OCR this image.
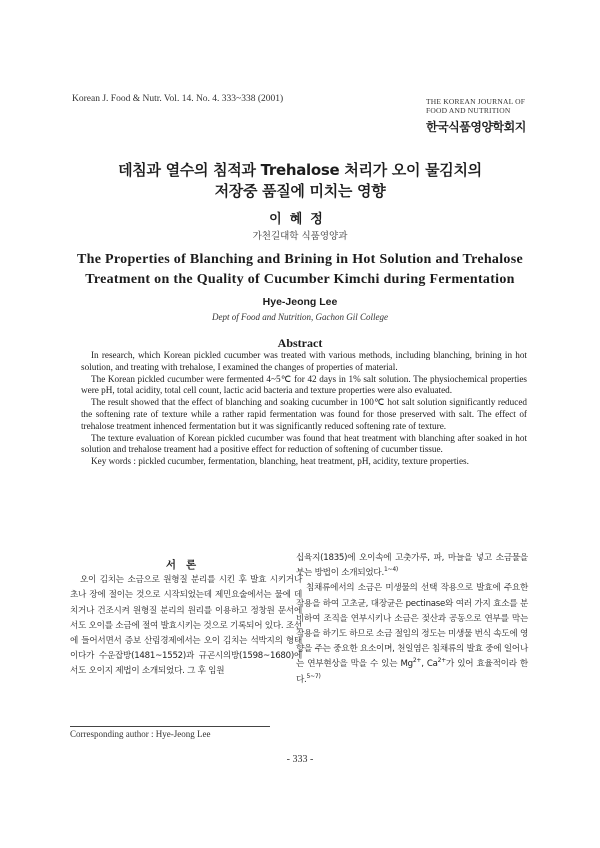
Korean J. Food & Nutr. Vol. 14. No. 4. 333~338 (2001)	THE KOREAN JOURNAL OF
FOOD AND NUTRITION
한국식품영양학회지
데침과 열수의 침적과 Trehalose 처리가 오이 물김치의
저장중 품질에 미치는 영향
이혜정
가천길대학 식품영양과
The Properties of Blanching and Brining in Hot Solution and Trehalose
Treatment on the Quality of Cucumber Kimchi during Fermentation
Hye-Jeong Lee
Dept of Food and Nutrition, Gachon Gil College
Abstract

In research, which Korean pickled cucumber was treated with various methods, including blanching, brining in hot solution, and treating with trehalose, I examined the changes of properties of material.

The Korean pickled cucumber were fermented 4~5℃ for 42 days in 1% salt solution. The physiochemical properties were pH, total acidity, total cell count, lactic acid bacteria and texture properties were also evaluated.

The result showed that the effect of blanching and soaking cucumber in 100℃ hot salt solution significantly reduced the softening rate of texture while a rather rapid fermentation was found for those preserved with salt. The effect of trehalose treatment inhenced fermentation but it was significantly reduced softening rate of texture.

The texture evaluation of Korean pickled cucumber was found that heat treatment with blanching after soaked in hot solution and trehalose treament had a positive effect for reduction of softening of cucumber tissue.

Key words : pickled cucumber, fermentation, blanching, heat treatment, pH, acidity, texture properties.

서론

오이 김치는 소금으로 원형질 분리를 시킨 후 발효 시키거나 초나 장에 절이는 것으로 시작되었는데 제민요술에서는 물에 데치거나 건조시켜 원형질 분리의 원리를 이용하고 정창원 문서에서도 오이를 소금에 절여 발효시키는 것으로 기록되어 있다. 조선에 들어서면서 증보 산림경제에서는 오이 김치는 석박지의 형태이다가 수운잡방(1481~1552)과 규곤시의방(1598~1680)에서도 오이지 제법이 소개되었다. 그 후 임원

십육지(1835)에 오이속에 고춧가루, 파, 마늘을 넣고 소금물을 붓는 방법이 소개되었다.$^{1\sim 4)}$

침채류에서의 소금은 미생물의 선택 작용으로 발효에 주요한 작용을 하여 고초균, 대장균은 pectinase와 여러 가지 효소를 분비하여 조직을 연부시키나 소금은 젖산과 공동으로 연부를 막는 작용을 하기도 하므로 소금 절임의 정도는 미생물 번식 속도에 영향을 주는 중요한 요소이며, 천일염은 침채류의 발효 중에 일어나는 연부현상을 막을 수 있는 $Mg^{2+}$, $Ca^{2+}$가 있어 효율적이라 한다.$^{5\sim 7)}$

Corresponding author : Hye-Jeong Lee
- 333 -
